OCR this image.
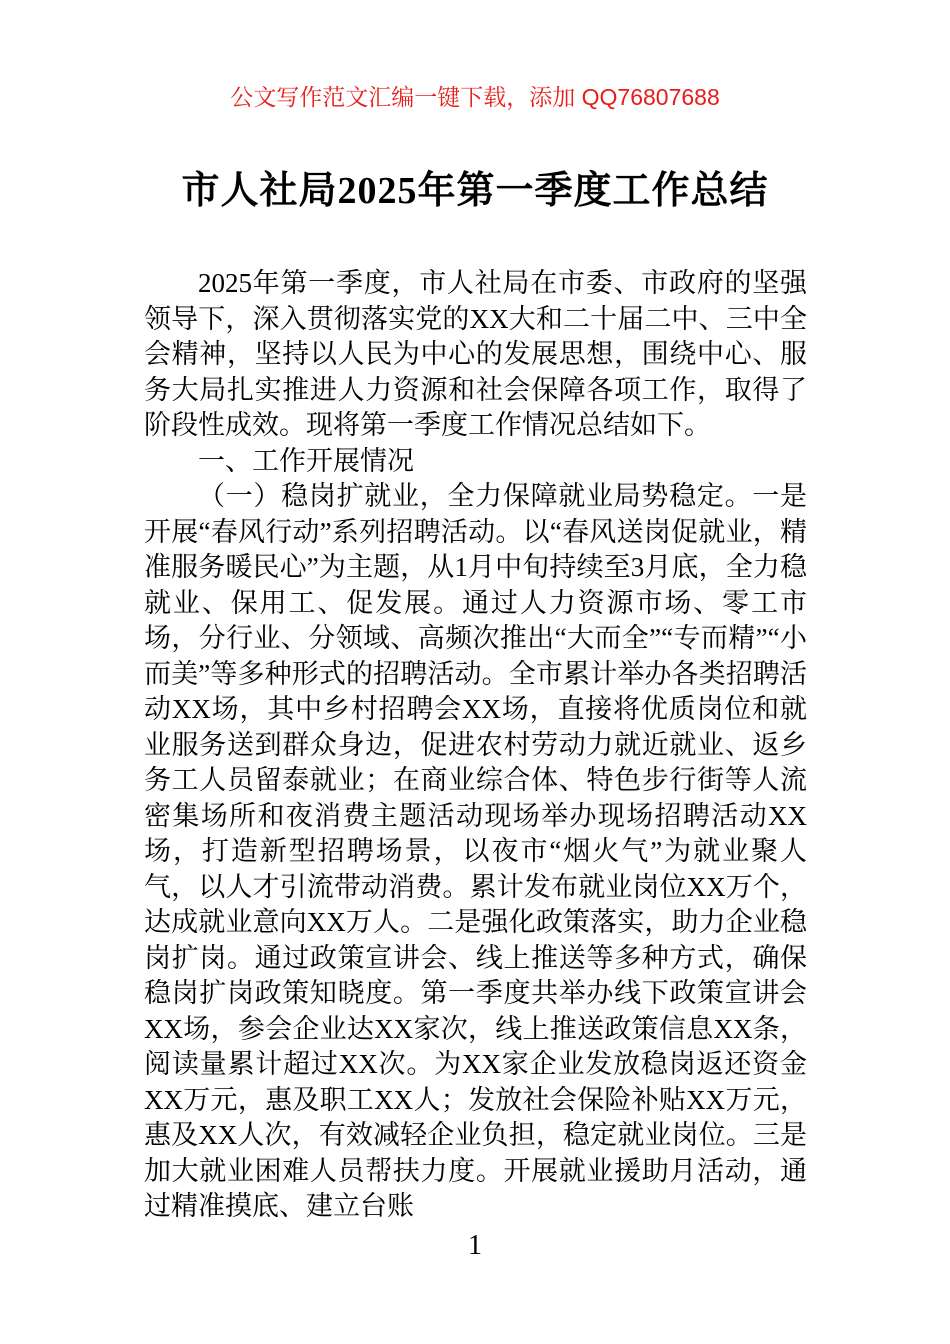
公文写作范文汇编一键下载，添加 QQ76807688
市人社局2025年第一季度工作总结

2025年第一季度，市人社局在市委、市政府的坚强领导下，深入贯彻落实党的XX大和二十届二中、三中全会精神，坚持以人民为中心的发展思想，围绕中心、服务大局扎实推进人力资源和社会保障各项工作，取得了阶段性成效。现将第一季度工作情况总结如下。

一、工作开展情况

（一）稳岗扩就业，全力保障就业局势稳定。一是开展“春风行动”系列招聘活动。以“春风送岗促就业，精准服务暖民心”为主题，从1月中旬持续至3月底，全力稳就业、保用工、促发展。通过人力资源市场、零工市场，分行业、分领域、高频次推出“大而全”“专而精”“小而美”等多种形式的招聘活动。全市累计举办各类招聘活动XX场，其中乡村招聘会XX场，直接将优质岗位和就业服务送到群众身边，促进农村劳动力就近就业、返乡务工人员留泰就业；在商业综合体、特色步行街等人流密集场所和夜消费主题活动现场举办现场招聘活动XX场，打造新型招聘场景，以夜市“烟火气”为就业聚人气，以人才引流带动消费。累计发布就业岗位XX万个，达成就业意向XX万人。二是强化政策落实，助力企业稳岗扩岗。通过政策宣讲会、线上推送等多种方式，确保稳岗扩岗政策知晓度。第一季度共举办线下政策宣讲会XX场，参会企业达XX家次，线上推送政策信息XX条，阅读量累计超过XX次。为XX家企业发放稳岗返还资金XX万元，惠及职工XX人；发放社会保险补贴XX万元，惠及XX人次，有效减轻企业负担，稳定就业岗位。三是加大就业困难人员帮扶力度。开展就业援助月活动，通过精准摸底、建立台账

1
